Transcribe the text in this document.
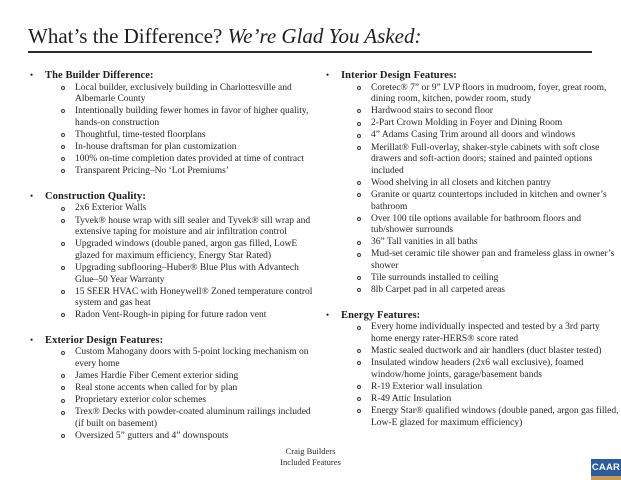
What’s the Difference? We’re Glad You Asked:
•	The Builder Difference:
Local builder, exclusively building in Charlottesville and Albemarle County
Intentionally building fewer homes in favor of higher quality, hands-on construction
Thoughtful, time-tested floorplans
In-house draftsman for plan customization
100% on-time completion dates provided at time of contract
Transparent Pricing–No ‘Lot Premiums’
•	Construction Quality:
2x6 Exterior Walls
Tyvek® house wrap with sill sealer and Tyvek® sill wrap and extensive taping for moisture and air infiltration control
Upgraded windows (double paned, argon gas filled, LowE glazed for maximum efficiency, Energy Star Rated)
Upgrading subflooring–Huber® Blue Plus with Advantech Glue–50 Year Warranty
15 SEER HVAC with Honeywell® Zoned temperature control system and gas heat
Radon Vent-Rough-in piping for future radon vent
•	Exterior Design Features:
Custom Mahogany doors with 5-point locking mechanism on every home
James Hardie Fiber Cement exterior siding
Real stone accents when called for by plan
Proprietary exterior color schemes
Trex® Decks with powder-coated aluminum railings included (if built on basement)
Oversized 5” gutters and 4” downspouts
•	Interior Design Features:
Coretec® 7” or 9” LVP floors in mudroom, foyer, great room, dining room, kitchen, powder room, study
Hardwood stairs to second floor
2-Part Crown Molding in Foyer and Dining Room
4” Adams Casing Trim around all doors and windows
Merillat® Full-overlay, shaker-style cabinets with soft close drawers and soft-action doors; stained and painted options included
Wood shelving in all closets and kitchen pantry
Granite or quartz countertops included in kitchen and owner’s bathroom
Over 100 tile options available for bathroom floors and tub/shower surrounds
36” Tall vanities in all baths
Mud-set ceramic tile shower pan and frameless glass in owner’s shower
Tile surrounds installed to ceiling
8lb Carpet pad in all carpeted areas
•	Energy Features:
Every home individually inspected and tested by a 3rd party home energy rater-HERS® score rated
Mastic sealed ductwork and air handlers (duct blaster tested)
Insulated window headers (2x6 wall exclusive), foamed window/home joints, garage/basement bands
R-19 Exterior wall insulation
R-49 Attic Insulation
Energy Star® qualified windows (double paned, argon gas filled, Low-E glazed for maximum efficiency)
Craig Builders
Included Features
CAAR
